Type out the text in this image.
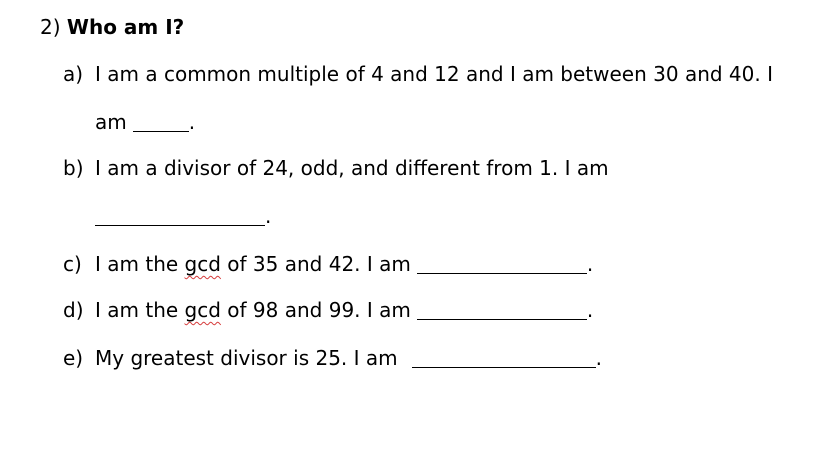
2) Who am I?
a) I am a common multiple of 4 and 12 and I am between 30 and 40. I
am	.
b) I am a divisor of 24, odd, and different from 1. I am
.
c) I am the gcd of 35 and 42. I am	.
d) I am the gcd of 98 and 99. I am	.
e) My greatest divisor is 25. I am	.
